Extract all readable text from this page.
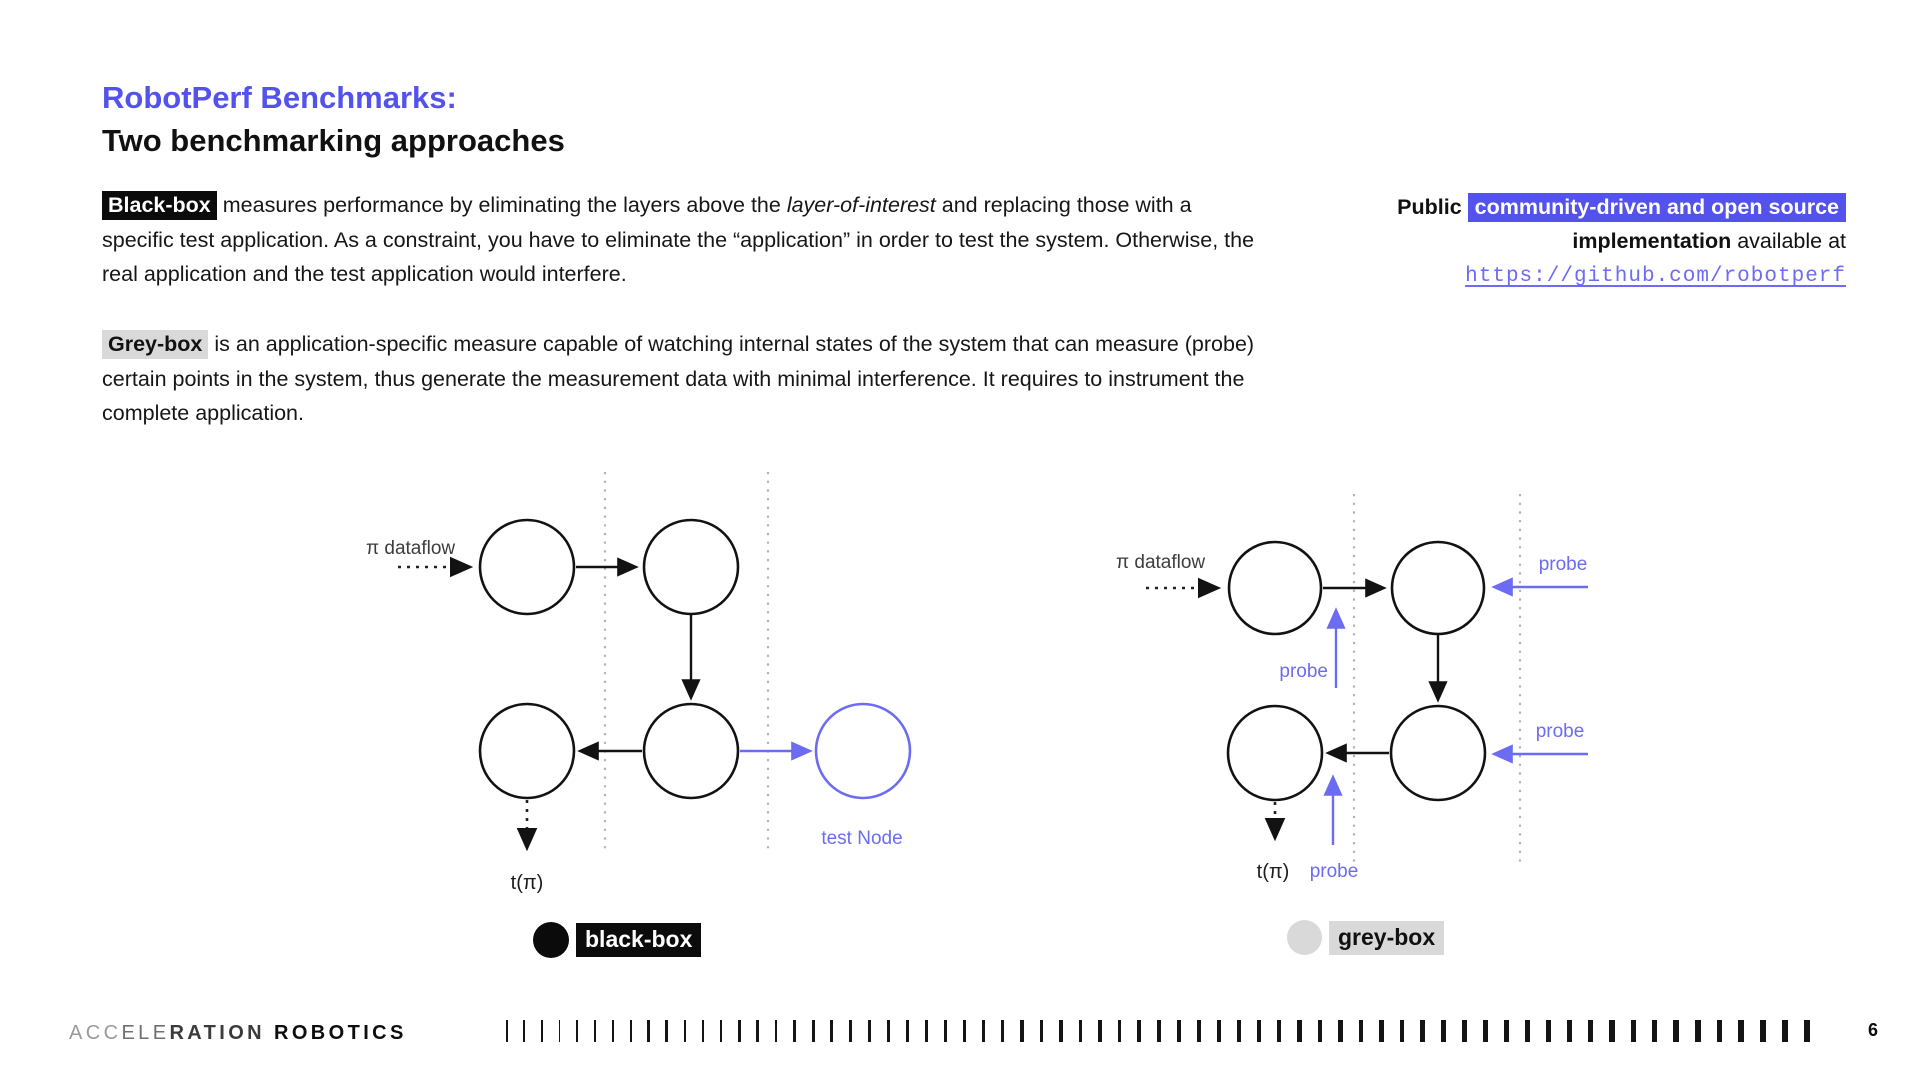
RobotPerf Benchmarks:
Two benchmarking approaches

Black-box measures performance by eliminating the layers above the layer-of-interest and replacing those with a specific test application. As a constraint, you have to eliminate the “application” in order to test the system. Otherwise, the real application and the test application would interfere.

Grey-box is an application-specific measure capable of watching internal states of the system that can measure (probe) certain points in the system, thus generate the measurement data with minimal interference. It requires to instrument the complete application.

Public community-driven and open source implementation available at https://github.com/robotperf
π dataflow
t(π)
test Node
π dataflow
probe
probe
probe
probe
t(π)
black-box	grey-box
ACCELERATION ROBOTICS	6
